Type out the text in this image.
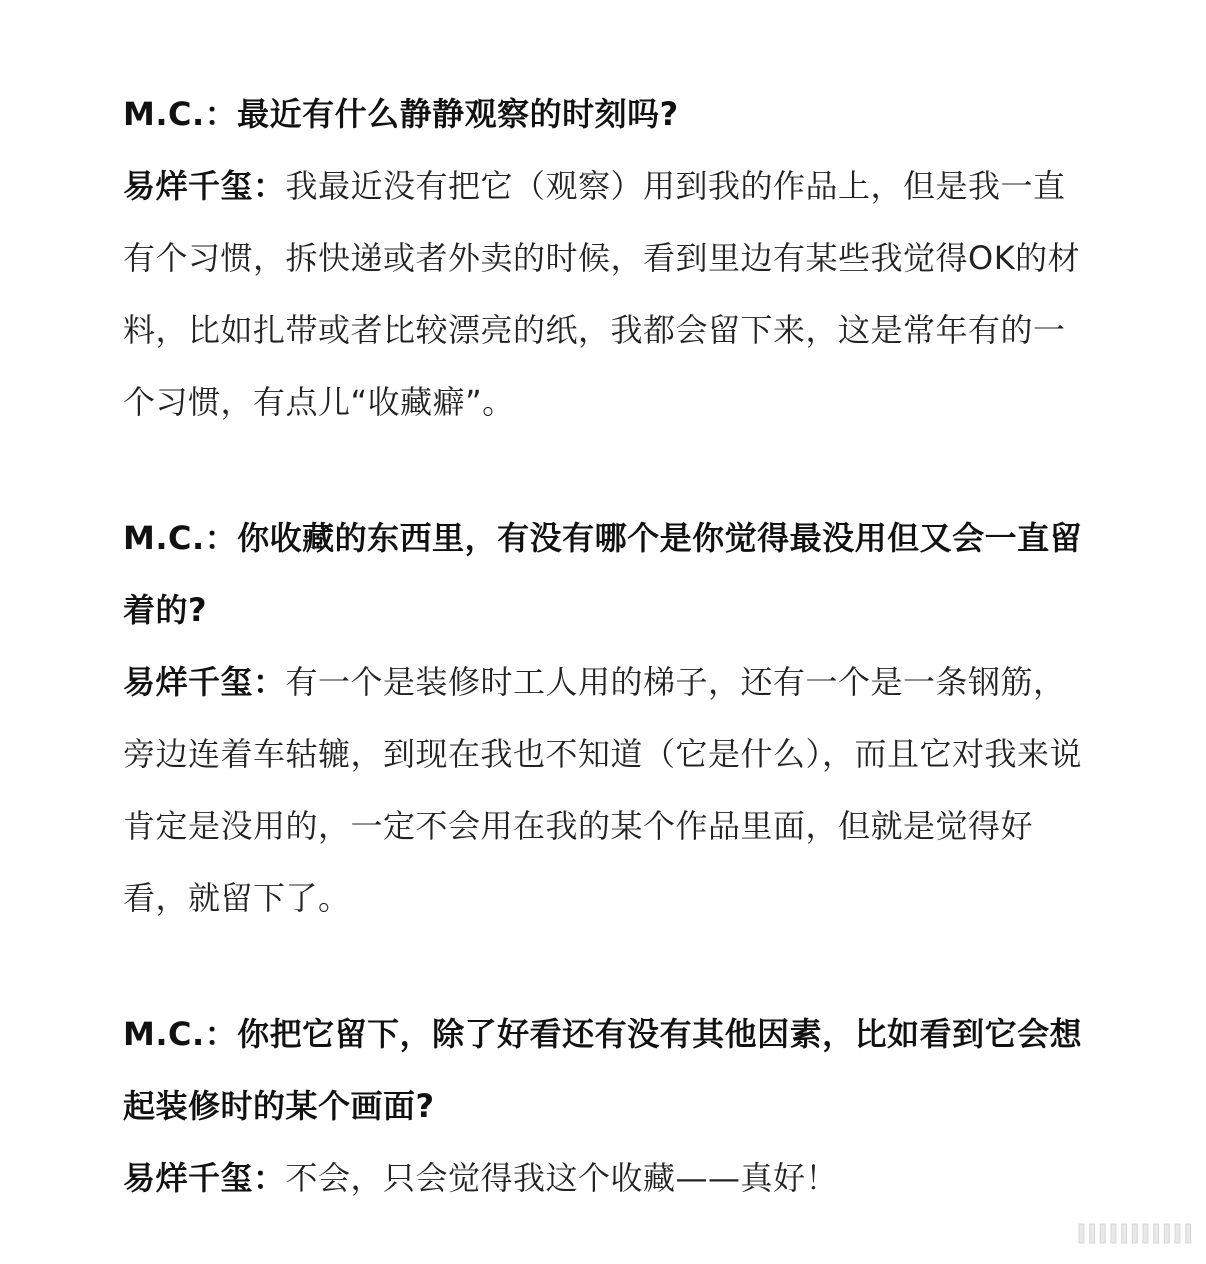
M.C.：最近有什么静静观察的时刻吗?

易烊千玺：我最近没有把它（观察）用到我的作品上，但是我一直有个习惯，拆快递或者外卖的时候，看到里边有某些我觉得OK的材料，比如扎带或者比较漂亮的纸，我都会留下来，这是常年有的一个习惯，有点儿“收藏癖”。

M.C.：你收藏的东西里，有没有哪个是你觉得最没用但又会一直留着的?

易烊千玺：有一个是装修时工人用的梯子，还有一个是一条钢筋，旁边连着车轱辘，到现在我也不知道（它是什么），而且它对我来说肯定是没用的，一定不会用在我的某个作品里面，但就是觉得好看，就留下了。

M.C.：你把它留下，除了好看还有没有其他因素，比如看到它会想起装修时的某个画面?

易烊千玺：不会，只会觉得我这个收藏——真好！

IIIIIIIIIII
